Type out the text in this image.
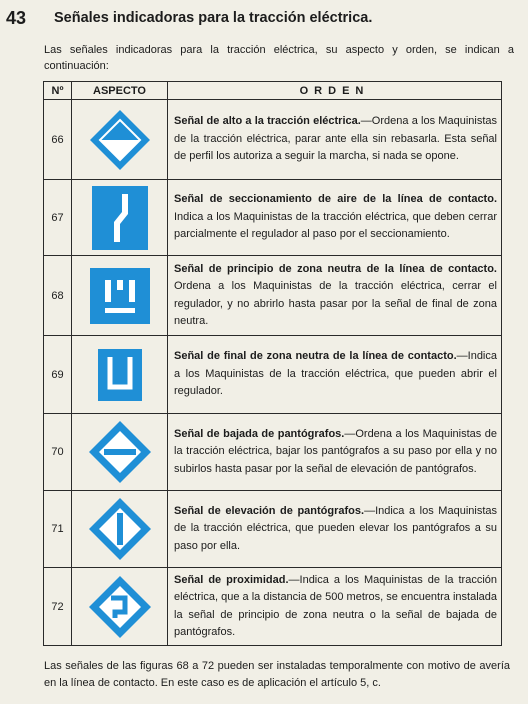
43 Señales indicadoras para la tracción eléctrica.
Las señales indicadoras para la tracción eléctrica, su aspecto y orden, se indican a continuación:
Nº	ASPECTO	ORDEN
66		Señal de alto a la tracción eléctrica.—Ordena a los Maquinistas de la tracción eléctrica, parar ante ella sin rebasarla. Esta señal de perfil los autoriza a seguir la marcha, si nada se opone.
67		Señal de seccionamiento de aire de la línea de contacto. Indica a los Maquinistas de la tracción eléctrica, que deben cerrar parcialmente el regulador al paso por el seccionamiento.
68		Señal de principio de zona neutra de la línea de contacto. Ordena a los Maquinistas de la tracción eléctrica, cerrar el regulador, y no abrirlo hasta pasar por la señal de final de zona neutra.
69		Señal de final de zona neutra de la línea de contacto.—Indica a los Maquinistas de la tracción eléctrica, que pueden abrir el regulador.
70		Señal de bajada de pantógrafos.—Ordena a los Maquinistas de la tracción eléctrica, bajar los pantógrafos a su paso por ella y no subirlos hasta pasar por la señal de elevación de pantógrafos.
71		Señal de elevación de pantógrafos.—Indica a los Maquinistas de la tracción eléctrica, que pueden elevar los pantógrafos a su paso por ella.
72		Señal de proximidad.—Indica a los Maquinistas de la tracción eléctrica, que a la distancia de 500 metros, se encuentra instalada la señal de principio de zona neutra o la señal de bajada de pantógrafos.
Las señales de las figuras 68 a 72 pueden ser instaladas temporalmente con motivo de avería en la línea de contacto. En este caso es de aplicación el artículo 5, c.
